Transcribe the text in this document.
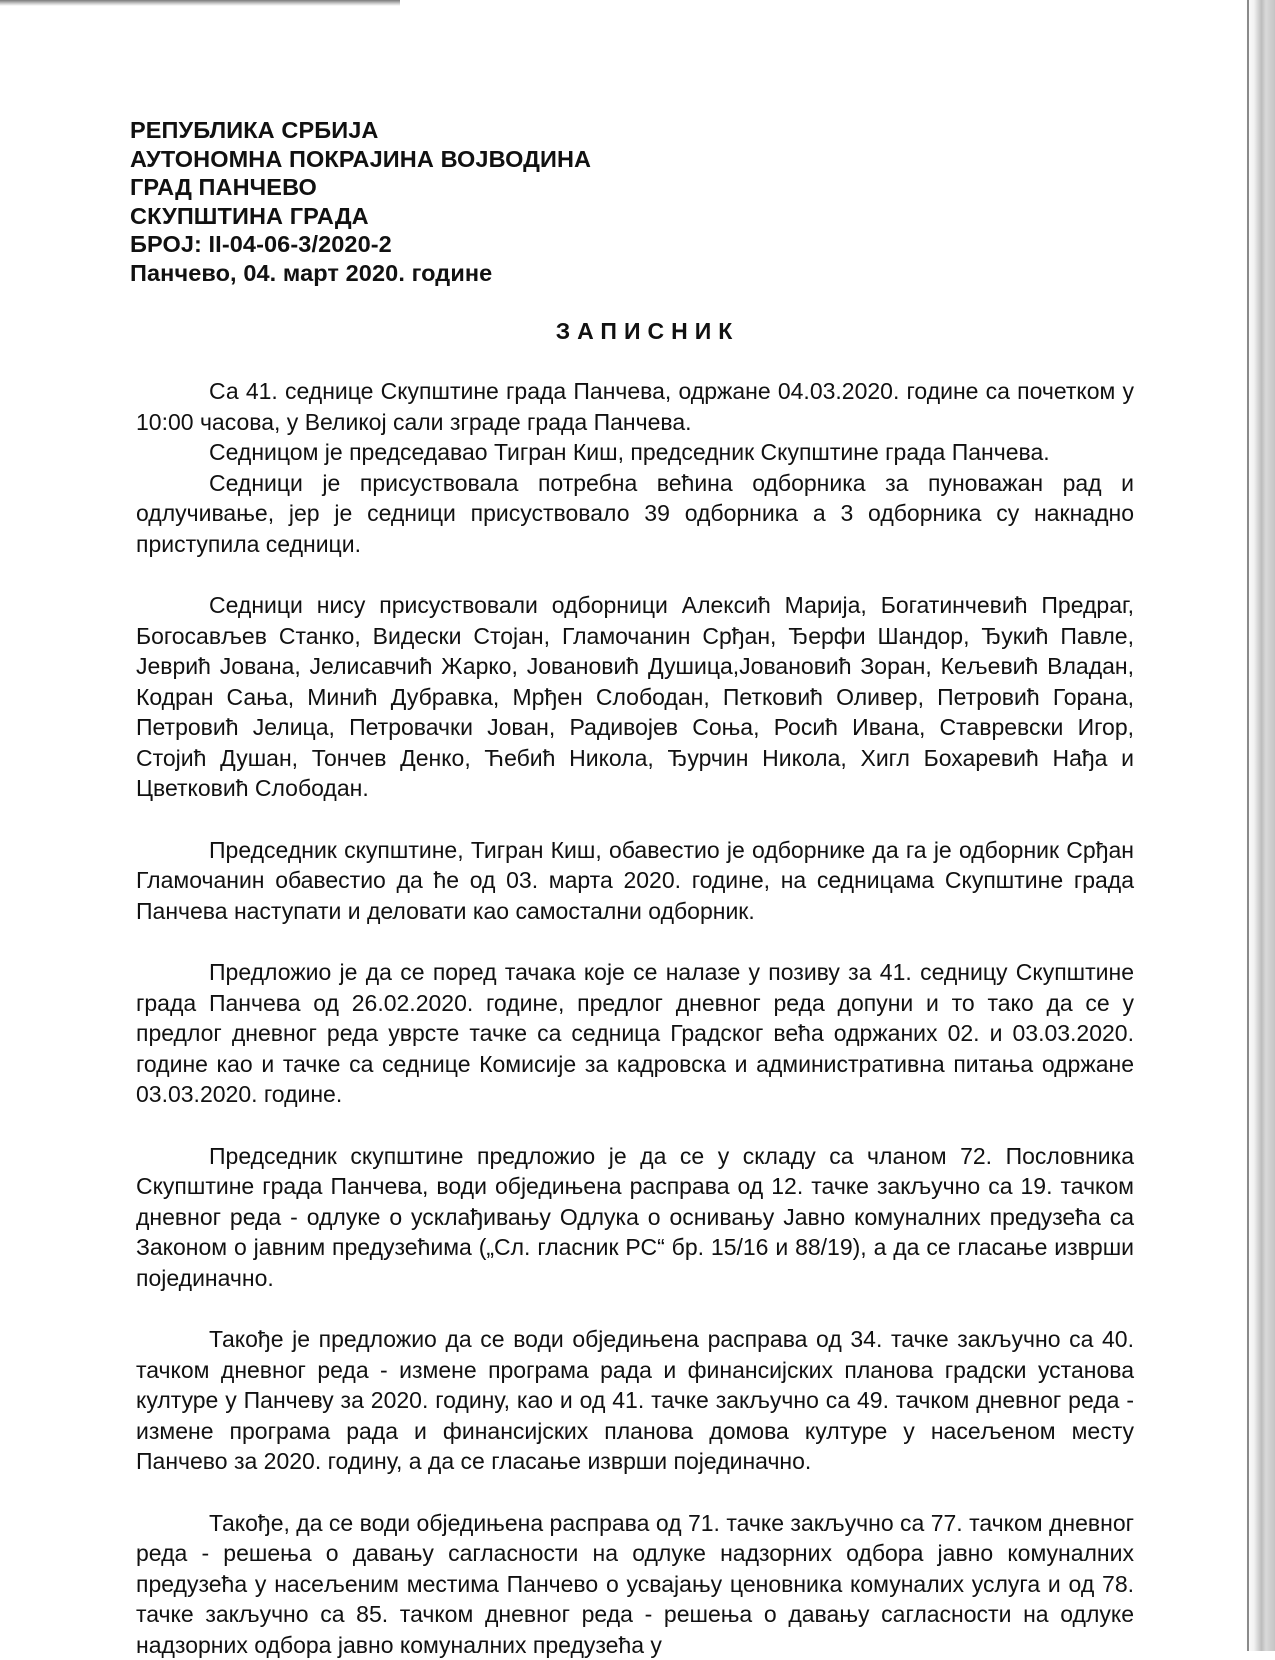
РЕПУБЛИКА СРБИЈА
АУТОНОМНА ПОКРАЈИНА ВОЈВОДИНА
ГРАД ПАНЧЕВО
СКУПШТИНА ГРАДА
БРОЈ: II-04-06-3/2020-2
Панчево, 04. март 2020. године
ЗАПИСНИК

Са 41. седнице Скупштине града Панчева, одржане 04.03.2020. године са почетком у 10:00 часова, у Великој сали зграде града Панчева.

Седницом је председавао Тигран Киш, председник Скупштине града Панчева.

Седници је присуствовала потребна већина одборника за пуноважан рад и одлучивање, јер је седници присуствовало 39 одборника а 3 одборника су накнадно приступила седници.

Седници нису присуствовали одборници Алексић Марија, Богатинчевић Предраг, Богосављев Станко, Видески Стојан, Гламочанин Срђан, Ђерфи Шандор, Ђукић Павле, Јеврић Јована, Јелисавчић Жарко, Јовановић Душица,Јовановић Зоран, Кељевић Владан, Кодран Сања, Минић Дубравка, Мрђен Слободан, Петковић Оливер, Петровић Горана, Петровић Јелица, Петровачки Јован, Радивојев Соња, Росић Ивана, Ставревски Игор, Стојић Душан, Тончев Денко, Ћебић Никола, Ђурчин Никола, Хигл Бохаревић Нађа и Цветковић Слободан.

Председник скупштине, Тигран Киш, обавестио је одборнике да га је одборник Срђан Гламочанин обавестио да ће од 03. марта 2020. године, на седницама Скупштине града Панчева наступати и деловати као самостални одборник.

Предложио је да се поред тачака које се налазе у позиву за 41. седницу Скупштине града Панчева од 26.02.2020. године, предлог дневног реда допуни и то тако да се у предлог дневног реда уврсте тачке са седница Градског већа одржаних 02. и 03.03.2020. године као и тачке са седнице Комисије за кадровска и административна питања одржане 03.03.2020. године.

Председник скупштине предложио је да се у складу са чланом 72. Пословника Скупштине града Панчева, води обједињена расправа од 12. тачке закључно са 19. тачком дневног реда - одлуке о усклађивању Одлука о оснивању Јавно комуналних предузећа са Законом о јавним предузећима („Сл. гласник РС“ бр. 15/16 и 88/19), а да се гласање изврши појединачно.

Такође је предложио да се води обједињена расправа од 34. тачке закључно са 40. тачком дневног реда - измене програма рада и финансијских планова градски установа културе у Панчеву за 2020. годину, као и од 41. тачке закључно са 49. тачком дневног реда - измене програма рада и финансијских планова домова културе у насељеном месту Панчево за 2020. годину, а да се гласање изврши појединачно.

Такође, да се води обједињена расправа од 71. тачке закључно са 77. тачком дневног реда - решења о давању сагласности на одлуке надзорних одбора јавно комуналних предузећа у насељеним местима Панчево о усвајању ценовника комуналих услуга и од 78. тачке закључно са 85. тачком дневног реда - решења о давању сагласности на одлуке надзорних одбора јавно комуналних предузећа у
